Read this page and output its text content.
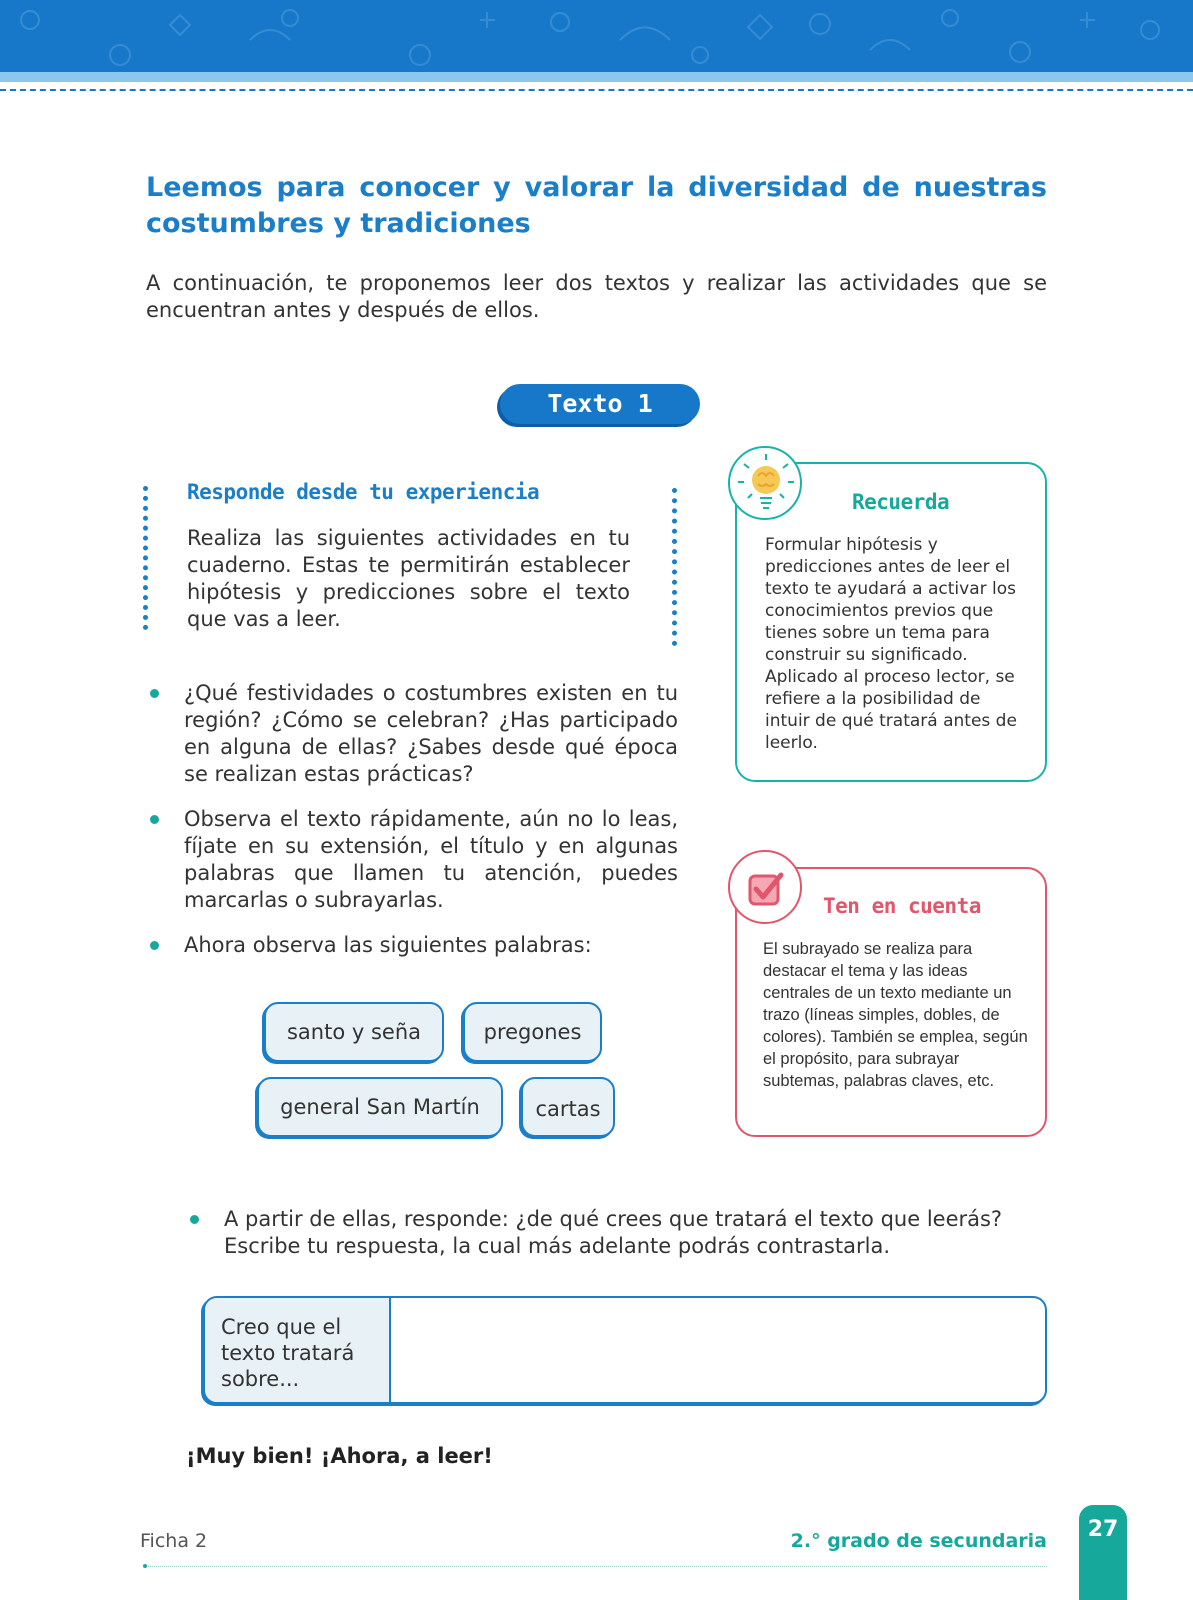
Leemos para conocer y valorar la diversidad de nuestras costumbres y tradiciones

A continuación, te proponemos leer dos textos y realizar las actividades que se encuentran antes y después de ellos.

Texto 1
Responde desde tu experiencia

Realiza las siguientes actividades en tu cuaderno. Estas te permitirán establecer hipótesis y predicciones sobre el texto que vas a leer.

¿Qué festividades o costumbres existen en tu región? ¿Cómo se celebran? ¿Has participado en alguna de ellas? ¿Sabes desde qué época se realizan estas prácticas?
Observa el texto rápidamente, aún no lo leas, fíjate en su extensión, el título y en algunas palabras que llamen tu atención, puedes marcarlas o subrayarlas.
Ahora observa las siguientes palabras:
santo y seña	pregones
general San Martín	cartas
Recuerda

Formular hipótesis y predicciones antes de leer el texto te ayudará a activar los conocimientos previos que tienes sobre un tema para construir su significado. Aplicado al proceso lector, se refiere a la posibilidad de intuir de qué tratará antes de leerlo.

Ten en cuenta

El subrayado se realiza para destacar el tema y las ideas centrales de un texto mediante un trazo (líneas simples, dobles, de colores). También se emplea, según el propósito, para subrayar subtemas, palabras claves, etc.

A partir de ellas, responde: ¿de qué crees que tratará el texto que leerás? Escribe tu respuesta, la cual más adelante podrás contrastarla.

Creo que el texto tratará sobre...

¡Muy bien! ¡Ahora, a leer!

Ficha 2	2.° grado de secundaria	27
